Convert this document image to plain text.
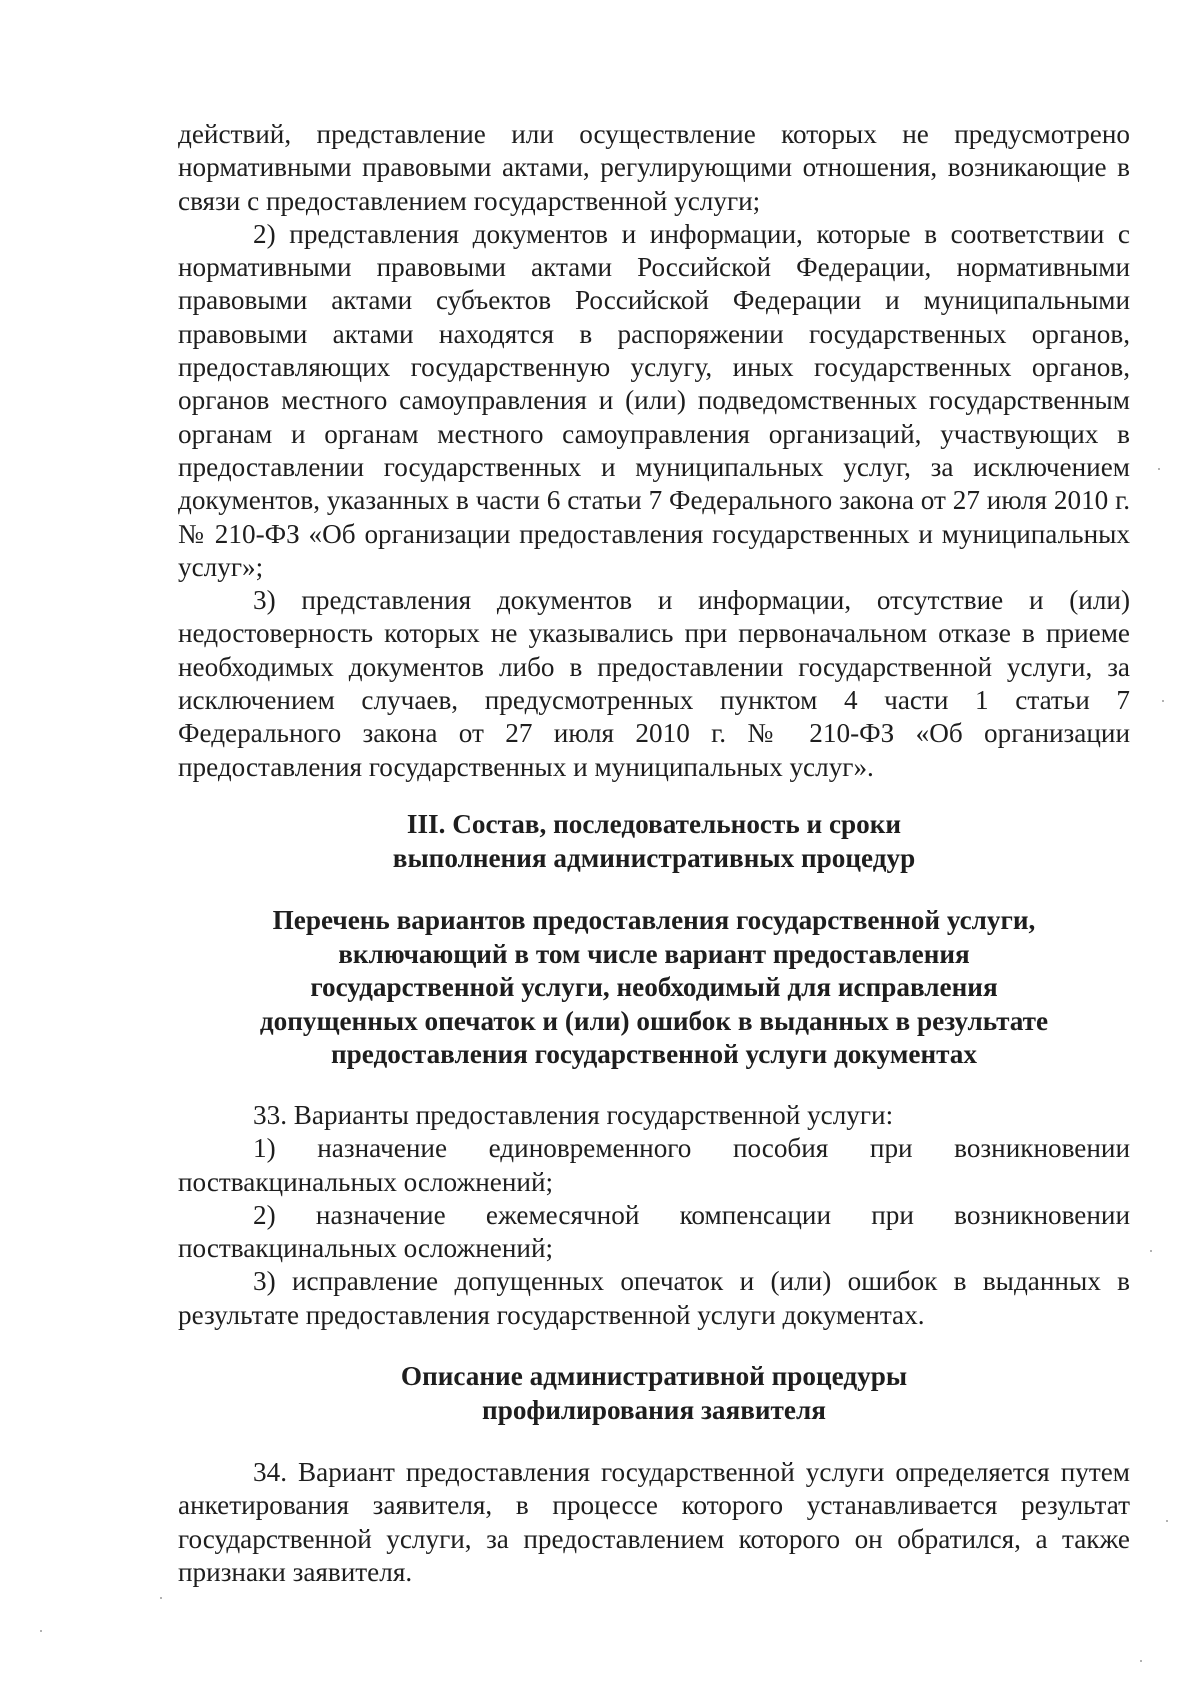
действий, представление или осуществление которых не предусмотрено нормативными правовыми актами, регулирующими отношения, возникающие в связи с предоставлением государственной услуги;

2) представления документов и информации, которые в соответствии с нормативными правовыми актами Российской Федерации, нормативными правовыми актами субъектов Российской Федерации и муниципальными правовыми актами находятся в распоряжении государственных органов, предоставляющих государственную услугу, иных государственных органов, органов местного самоуправления и (или) подведомственных государственным органам и органам местного самоуправления организаций, участвующих в предоставлении государственных и муниципальных услуг, за исключением документов, указанных в части 6 статьи 7 Федерального закона от 27 июля 2010 г. № 210-ФЗ «Об организации предоставления государственных и муниципальных услуг»;

3) представления документов и информации, отсутствие и (или) недостоверность которых не указывались при первоначальном отказе в приеме необходимых документов либо в предоставлении государственной услуги, за исключением случаев, предусмотренных пунктом 4 части 1 статьи 7 Федерального закона от 27 июля 2010 г. № 210-ФЗ «Об организации предоставления государственных и муниципальных услуг».

III. Состав, последовательность и сроки
выполнения административных процедур
Перечень вариантов предоставления государственной услуги,
включающий в том числе вариант предоставления
государственной услуги, необходимый для исправления
допущенных опечаток и (или) ошибок в выданных в результате
предоставления государственной услуги документах

33. Варианты предоставления государственной услуги:

1) назначение единовременного пособия при возникновении поствакцинальных осложнений;

2) назначение ежемесячной компенсации при возникновении поствакцинальных осложнений;

3) исправление допущенных опечаток и (или) ошибок в выданных в результате предоставления государственной услуги документах.

Описание административной процедуры
профилирования заявителя

34. Вариант предоставления государственной услуги определяется путем анкетирования заявителя, в процессе которого устанавливается результат государственной услуги, за предоставлением которого он обратился, а также признаки заявителя.
